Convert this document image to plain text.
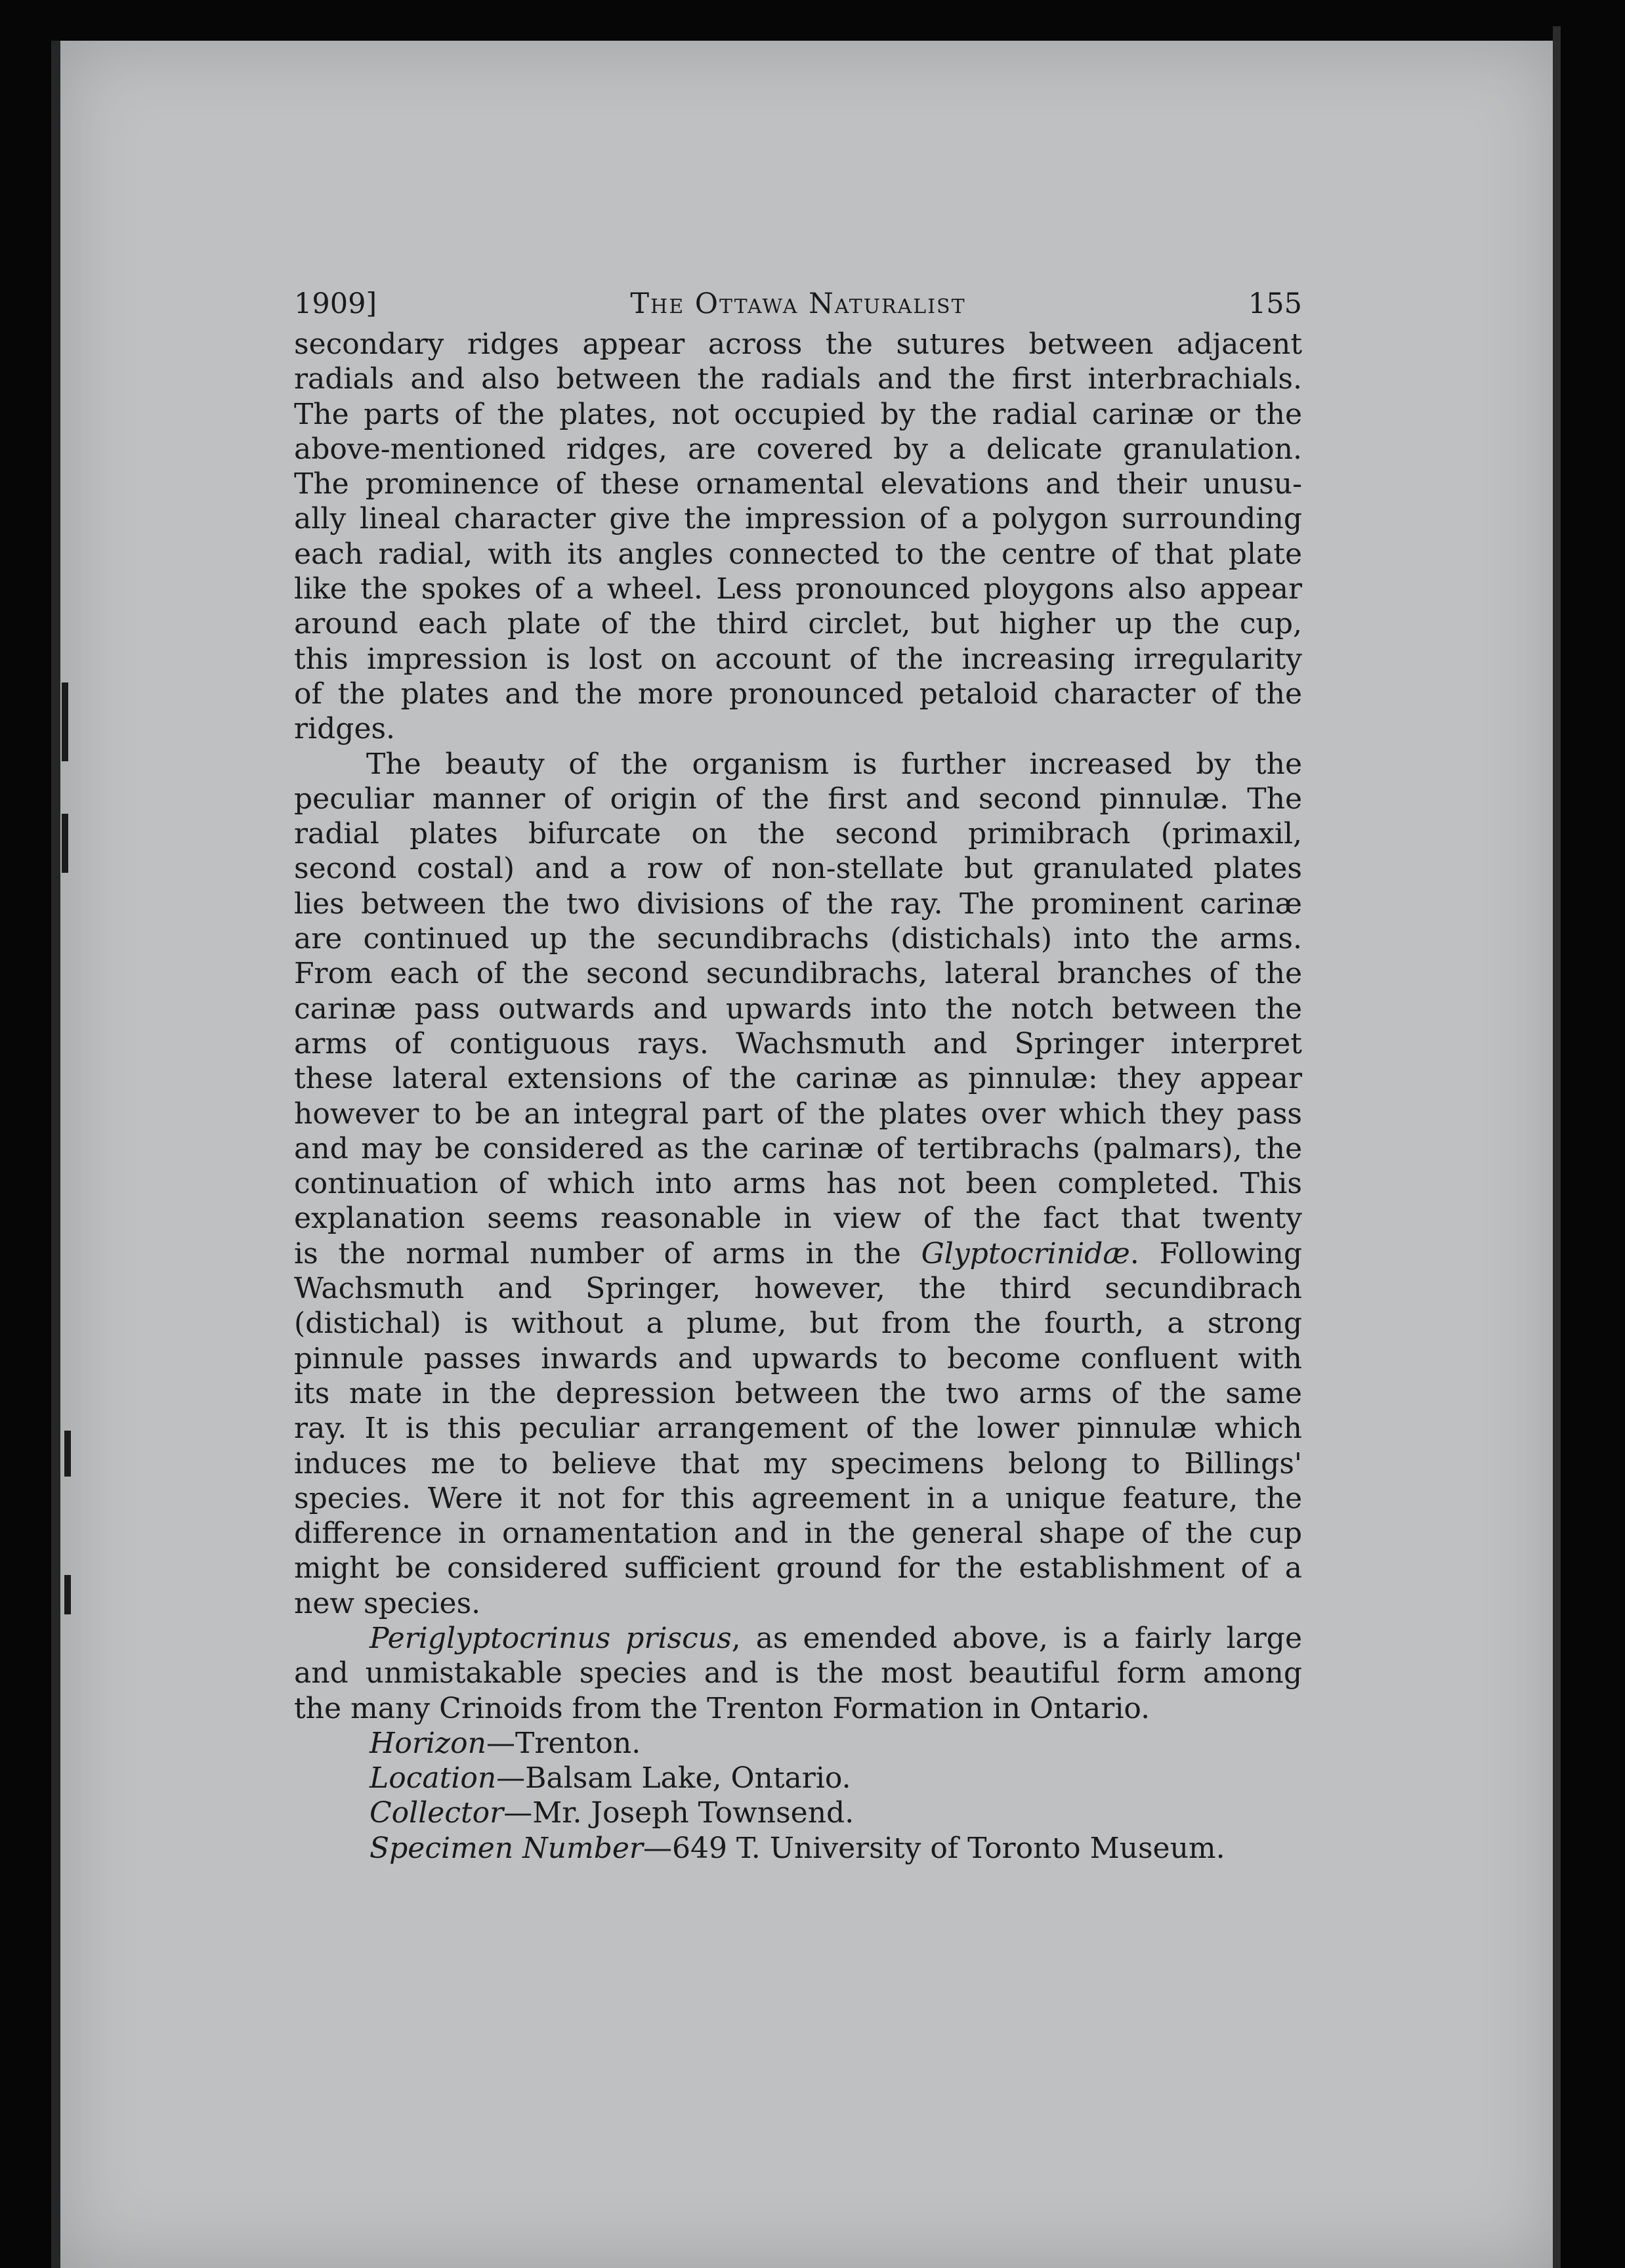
1909]	The Ottawa Naturalist	155
secondary ridges appear across the sutures between adjacent
radials and also between the radials and the first interbrachials.
The parts of the plates, not occupied by the radial carinæ or the
above-mentioned ridges, are covered by a delicate granulation.
The prominence of these ornamental elevations and their unusu-
ally lineal character give the impression of a polygon surrounding
each radial, with its angles connected to the centre of that plate
like the spokes of a wheel. Less pronounced ploygons also appear
around each plate of the third circlet, but higher up the cup,
this impression is lost on account of the increasing irregularity
of the plates and the more pronounced petaloid character of the
ridges.
The beauty of the organism is further increased by the
peculiar manner of origin of the first and second pinnulæ. The
radial plates bifurcate on the second primibrach (primaxil,
second costal) and a row of non-stellate but granulated plates
lies between the two divisions of the ray. The prominent carinæ
are continued up the secundibrachs (distichals) into the arms.
From each of the second secundibrachs, lateral branches of the
carinæ pass outwards and upwards into the notch between the
arms of contiguous rays. Wachsmuth and Springer interpret
these lateral extensions of the carinæ as pinnulæ: they appear
however to be an integral part of the plates over which they pass
and may be considered as the carinæ of tertibrachs (palmars), the
continuation of which into arms has not been completed. This
explanation seems reasonable in view of the fact that twenty
is the normal number of arms in the Glyptocrinidæ. Following
Wachsmuth and Springer, however, the third secundibrach
(distichal) is without a plume, but from the fourth, a strong
pinnule passes inwards and upwards to become confluent with
its mate in the depression between the two arms of the same
ray. It is this peculiar arrangement of the lower pinnulæ which
induces me to believe that my specimens belong to Billings'
species. Were it not for this agreement in a unique feature, the
difference in ornamentation and in the general shape of the cup
might be considered sufficient ground for the establishment of a
new species.
Periglyptocrinus priscus, as emended above, is a fairly large
and unmistakable species and is the most beautiful form among
the many Crinoids from the Trenton Formation in Ontario.
Horizon—Trenton.
Location—Balsam Lake, Ontario.
Collector—Mr. Joseph Townsend.
Specimen Number—649 T. University of Toronto Museum.
